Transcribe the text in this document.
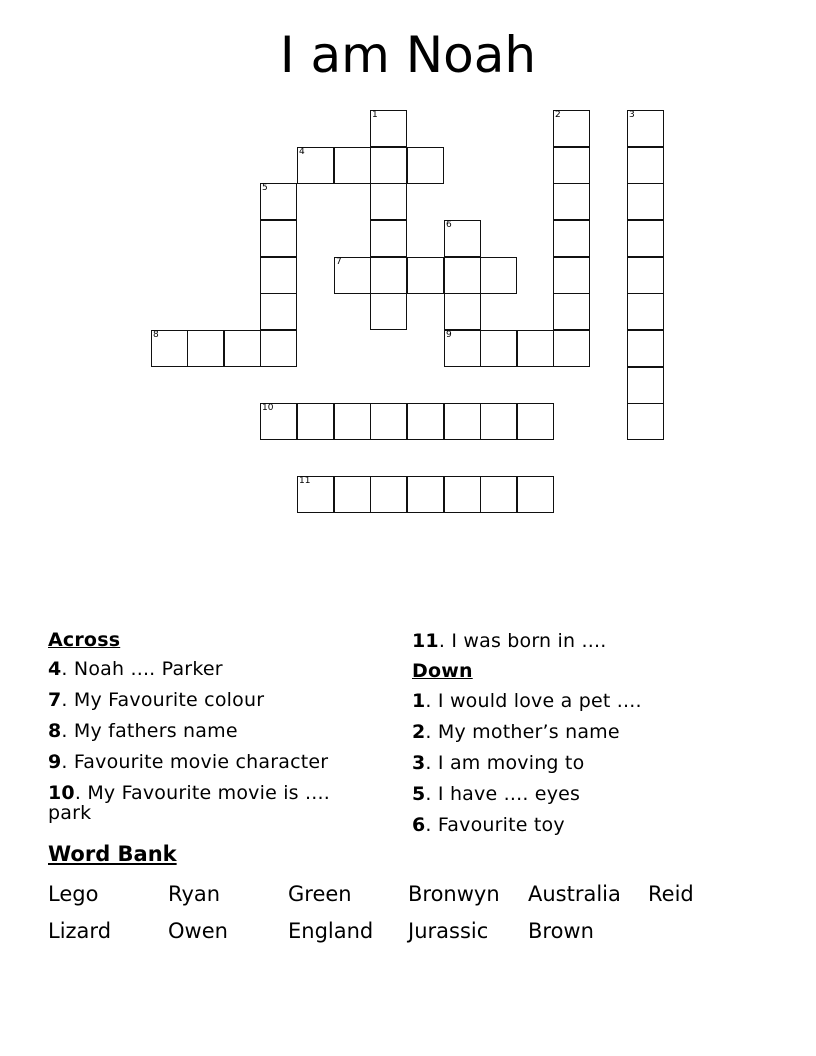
I am Noah
1	2	3
4
5
6
7
8	9
10
11
Across
4. Noah .... Parker
7. My Favourite colour
8. My fathers name
9. Favourite movie character
10. My Favourite movie is .... park
11. I was born in ....
Down
1. I would love a pet ....
2. My mother’s name
3. I am moving to
5. I have .... eyes
6. Favourite toy
Word Bank
Lego	Ryan	Green	Bronwyn Australia Reid
Lizard	Owen	England Jurassic Brown
